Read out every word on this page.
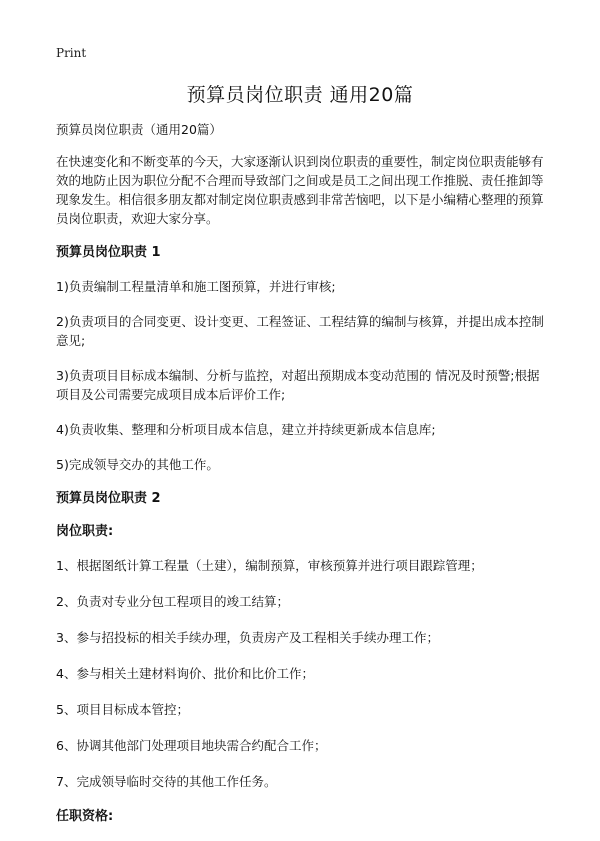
Print
预算员岗位职责 通用20篇

预算员岗位职责（通用20篇）

在快速变化和不断变革的今天，大家逐渐认识到岗位职责的重要性，制定岗位职责能够有效的地防止因为职位分配不合理而导致部门之间或是员工之间出现工作推脱、责任推卸等现象发生。相信很多朋友都对制定岗位职责感到非常苦恼吧，以下是小编精心整理的预算员岗位职责，欢迎大家分享。

预算员岗位职责 1

1)负责编制工程量清单和施工图预算，并进行审核;

2)负责项目的合同变更、设计变更、工程签证、工程结算的编制与核算，并提出成本控制意见;

3)负责项目目标成本编制、分析与监控，对超出预期成本变动范围的 情况及时预警;根据项目及公司需要完成项目成本后评价工作;

4)负责收集、整理和分析项目成本信息，建立并持续更新成本信息库;

5)完成领导交办的其他工作。

预算员岗位职责 2
岗位职责:

1、根据图纸计算工程量（土建），编制预算，审核预算并进行项目跟踪管理；

2、负责对专业分包工程项目的竣工结算；

3、参与招投标的相关手续办理，负责房产及工程相关手续办理工作；

4、参与相关土建材料询价、批价和比价工作；

5、项目目标成本管控；

6、协调其他部门处理项目地块需合约配合工作；

7、完成领导临时交待的其他工作任务。

任职资格:
